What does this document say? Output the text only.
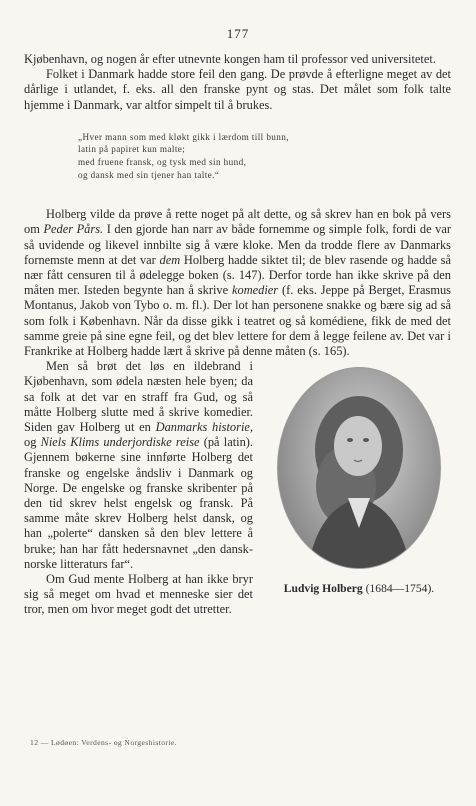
177

Kjøbenhavn, og nogen år efter utnevnte kongen ham til professor ved universitetet.

Folket i Danmark hadde store feil den gang. De prøvde å efterligne meget av det dårlige i utlandet, f. eks. all den franske pynt og stas. Det målet som folk talte hjemme i Danmark, var altfor simpelt til å brukes.

„Hver mann som med kløkt gikk i lærdom till bunn,
latin på papiret kun malte;
med fruene fransk, og tysk med sin hund,
og dansk med sin tjener han talte.“

Holberg vilde da prøve å rette noget på alt dette, og så skrev han en bok på vers om Peder Pårs. I den gjorde han narr av både fornemme og simple folk, fordi de var så uvidende og likevel innbilte sig å være kloke. Men da trodde flere av Danmarks fornemste menn at det var dem Holberg hadde siktet til; de blev rasende og hadde så nær fått censuren til å ødelegge boken (s. 147). Derfor torde han ikke skrive på den måten mer. Isteden begynte han å skrive komedier (f. eks. Jeppe på Berget, Erasmus Montanus, Jakob von Tybo o. m. fl.). Der lot han personene snakke og bære sig ad så som folk i København. Når da disse gikk i teatret og så komédiene, fikk de med det samme greie på sine egne feil, og det blev lettere for dem å legge feilene av. Det var i Frankrike at Holberg hadde lært å skrive på denne måten (s. 165).

Ludvig Holberg (1684—1754).

Men så brøt det løs en ildebrand i Kjøbenhavn, som ødela næsten hele byen; da sa folk at det var en straff fra Gud, og så måtte Holberg slutte med å skrive komedier. Siden gav Holberg ut en Danmarks historie, og Niels Klims underjordiske reise (på latin). Gjennem bøkerne sine innførte Holberg det franske og engelske åndsliv i Danmark og Norge. De engelske og franske skribenter på den tid skrev helst engelsk og fransk. På samme måte skrev Holberg helst dansk, og han „polerte“ dansken så den blev lettere å bruke; han har fått hedersnavnet „den dansk-norske litteraturs far“.

Om Gud mente Holberg at han ikke bryr sig så meget om hvad et menneske sier det tror, men om hvor meget godt det utretter.

12 — Lødøen: Verdens- og Norgeshistorie.
